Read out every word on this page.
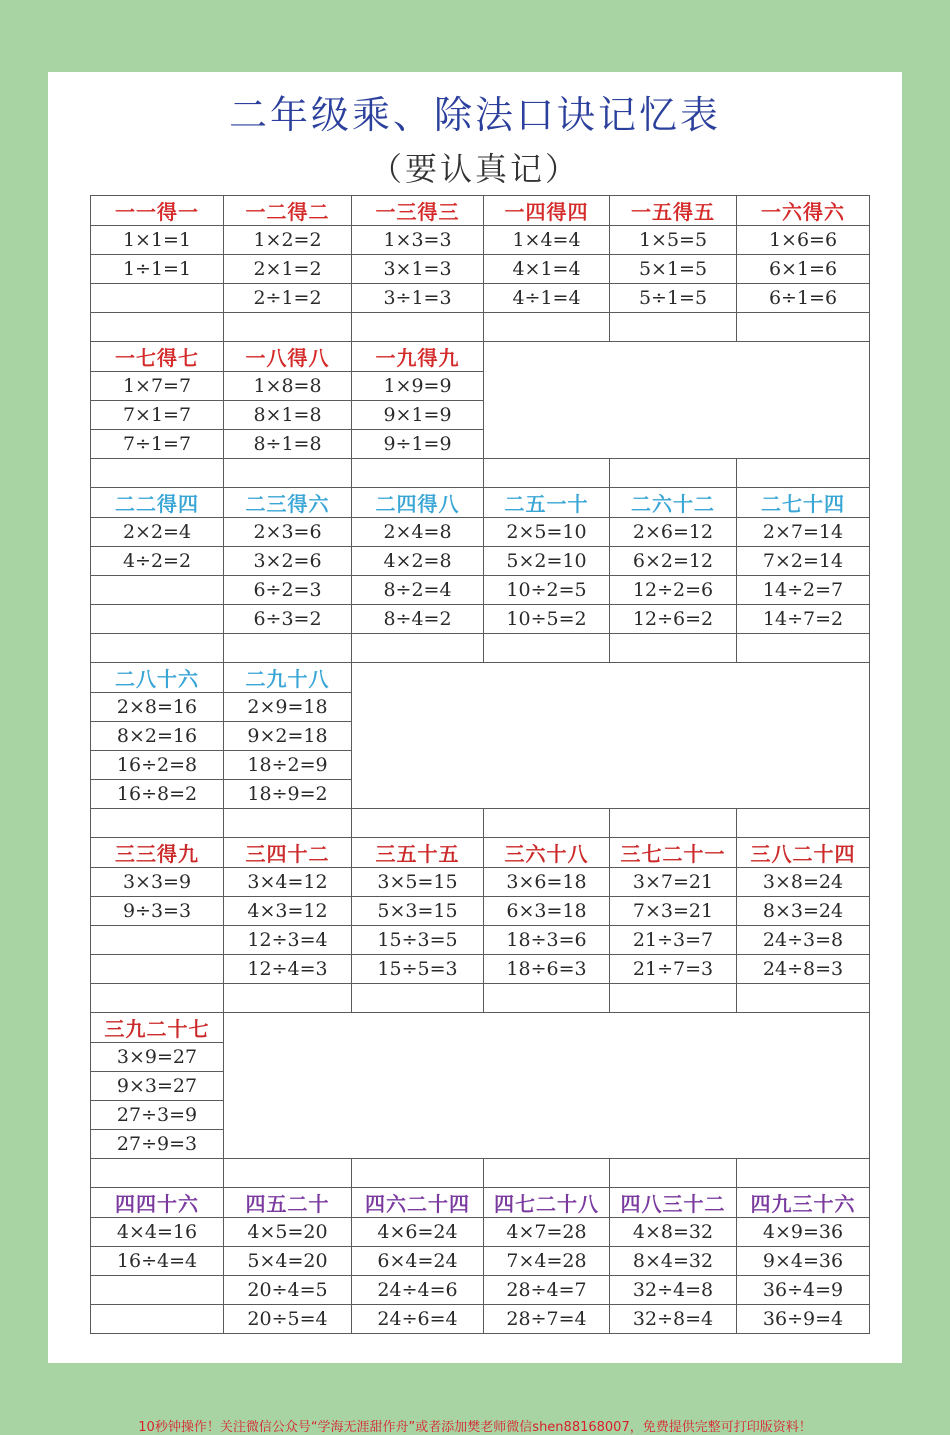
二年级乘、除法口诀记忆表
（要认真记）
一一得一	一二得二	一三得三	一四得四	一五得五	一六得六
1×1=1	1×2=2	1×3=3	1×4=4	1×5=5	1×6=6
1÷1=1	2×1=2	3×1=3	4×1=4	5×1=5	6×1=6
	2÷1=2	3÷1=3	4÷1=4	5÷1=5	6÷1=6

一七得七	一八得八	一九得九			
1×7=7	1×8=8	1×9=9			
7×1=7	8×1=8	9×1=9			
7÷1=7	8÷1=8	9÷1=9			

二二得四	二三得六	二四得八	二五一十	二六十二	二七十四
2×2=4	2×3=6	2×4=8	2×5=10	2×6=12	2×7=14
4÷2=2	3×2=6	4×2=8	5×2=10	6×2=12	7×2=14
	6÷2=3	8÷2=4	10÷2=5	12÷2=6	14÷2=7
	6÷3=2	8÷4=2	10÷5=2	12÷6=2	14÷7=2

二八十六	二九十八				
2×8=16	2×9=18				
8×2=16	9×2=18				
16÷2=8	18÷2=9				
16÷8=2	18÷9=2				

三三得九	三四十二	三五十五	三六十八	三七二十一	三八二十四
3×3=9	3×4=12	3×5=15	3×6=18	3×7=21	3×8=24
9÷3=3	4×3=12	5×3=15	6×3=18	7×3=21	8×3=24
	12÷3=4	15÷3=5	18÷3=6	21÷3=7	24÷3=8
	12÷4=3	15÷5=3	18÷6=3	21÷7=3	24÷8=3

三九二十七					
3×9=27					
9×3=27					
27÷3=9					
27÷9=3					

四四十六	四五二十	四六二十四	四七二十八	四八三十二	四九三十六
4×4=16	4×5=20	4×6=24	4×7=28	4×8=32	4×9=36
16÷4=4	5×4=20	6×4=24	7×4=28	8×4=32	9×4=36
	20÷4=5	24÷4=6	28÷4=7	32÷4=8	36÷4=9
	20÷5=4	24÷6=4	28÷7=4	32÷8=4	36÷9=4
10秒钟操作！关注微信公众号“学海无涯甜作舟”或者添加樊老师微信shen88168007，免费提供完整可打印版资料！
